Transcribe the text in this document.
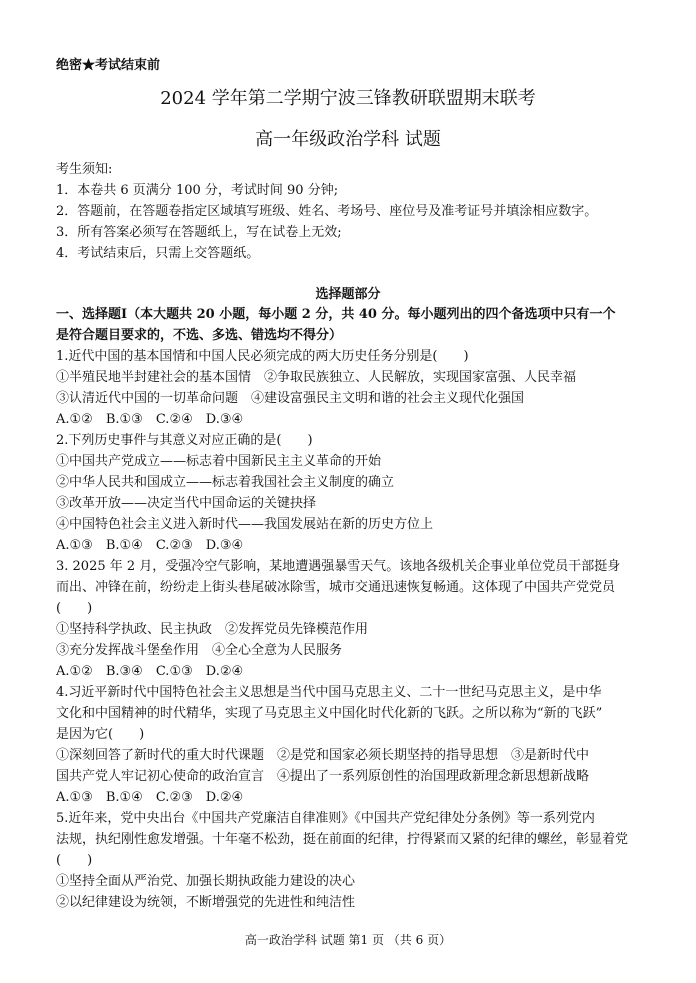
绝密★考试结束前
2024 学年第二学期宁波三锋教研联盟期末联考
高一年级政治学科 试题
考生须知:
1．本卷共 6 页满分 100 分，考试时间 90 分钟;
2．答题前，在答题卷指定区域填写班级、姓名、考场号、座位号及准考证号并填涂相应数字。
3．所有答案必须写在答题纸上，写在试卷上无效;
4．考试结束后，只需上交答题纸。
选择题部分
一、选择题Ⅰ（本大题共 20 小题，每小题 2 分，共 40 分。每小题列出的四个备选项中只有一个
是符合题目要求的，不选、多选、错选均不得分）
1.近代中国的基本国情和中国人民必须完成的两大历史任务分别是(　　)
①半殖民地半封建社会的基本国情　②争取民族独立、人民解放，实现国家富强、人民幸福
③认清近代中国的一切革命问题　④建设富强民主文明和谐的社会主义现代化强国
A.①②　B.①③　C.②④　D.③④
2.下列历史事件与其意义对应正确的是(　　)
①中国共产党成立——标志着中国新民主主义革命的开始
②中华人民共和国成立——标志着我国社会主义制度的确立
③改革开放——决定当代中国命运的关键抉择
④中国特色社会主义进入新时代——我国发展站在新的历史方位上
A.①③　B.①④　C.②③　D.③④
3. 2025 年 2 月，受强冷空气影响，某地遭遇强暴雪天气。该地各级机关企事业单位党员干部挺身
而出、冲锋在前，纷纷走上街头巷尾破冰除雪，城市交通迅速恢复畅通。这体现了中国共产党党员
(　　)
①坚持科学执政、民主执政　②发挥党员先锋模范作用
③充分发挥战斗堡垒作用　④全心全意为人民服务
A.①②　B.③④　C.①③　D.②④
4.习近平新时代中国特色社会主义思想是当代中国马克思主义、二十一世纪马克思主义，是中华
文化和中国精神的时代精华，实现了马克思主义中国化时代化新的飞跃。之所以称为“新的飞跃”
是因为它(　　)
①深刻回答了新时代的重大时代课题　②是党和国家必须长期坚持的指导思想　③是新时代中
国共产党人牢记初心使命的政治宣言　④提出了一系列原创性的治国理政新理念新思想新战略
A.①③　B.①④　C.②③　D.②④
5.近年来，党中央出台《中国共产党廉洁自律准则》《中国共产党纪律处分条例》等一系列党内
法规，执纪刚性愈发增强。十年毫不松劲，挺在前面的纪律，拧得紧而又紧的纪律的螺丝，彰显着党
(　　)
①坚持全面从严治党、加强长期执政能力建设的决心
②以纪律建设为统领，不断增强党的先进性和纯洁性
高一政治学科 试题 第1 页 （共 6 页）
